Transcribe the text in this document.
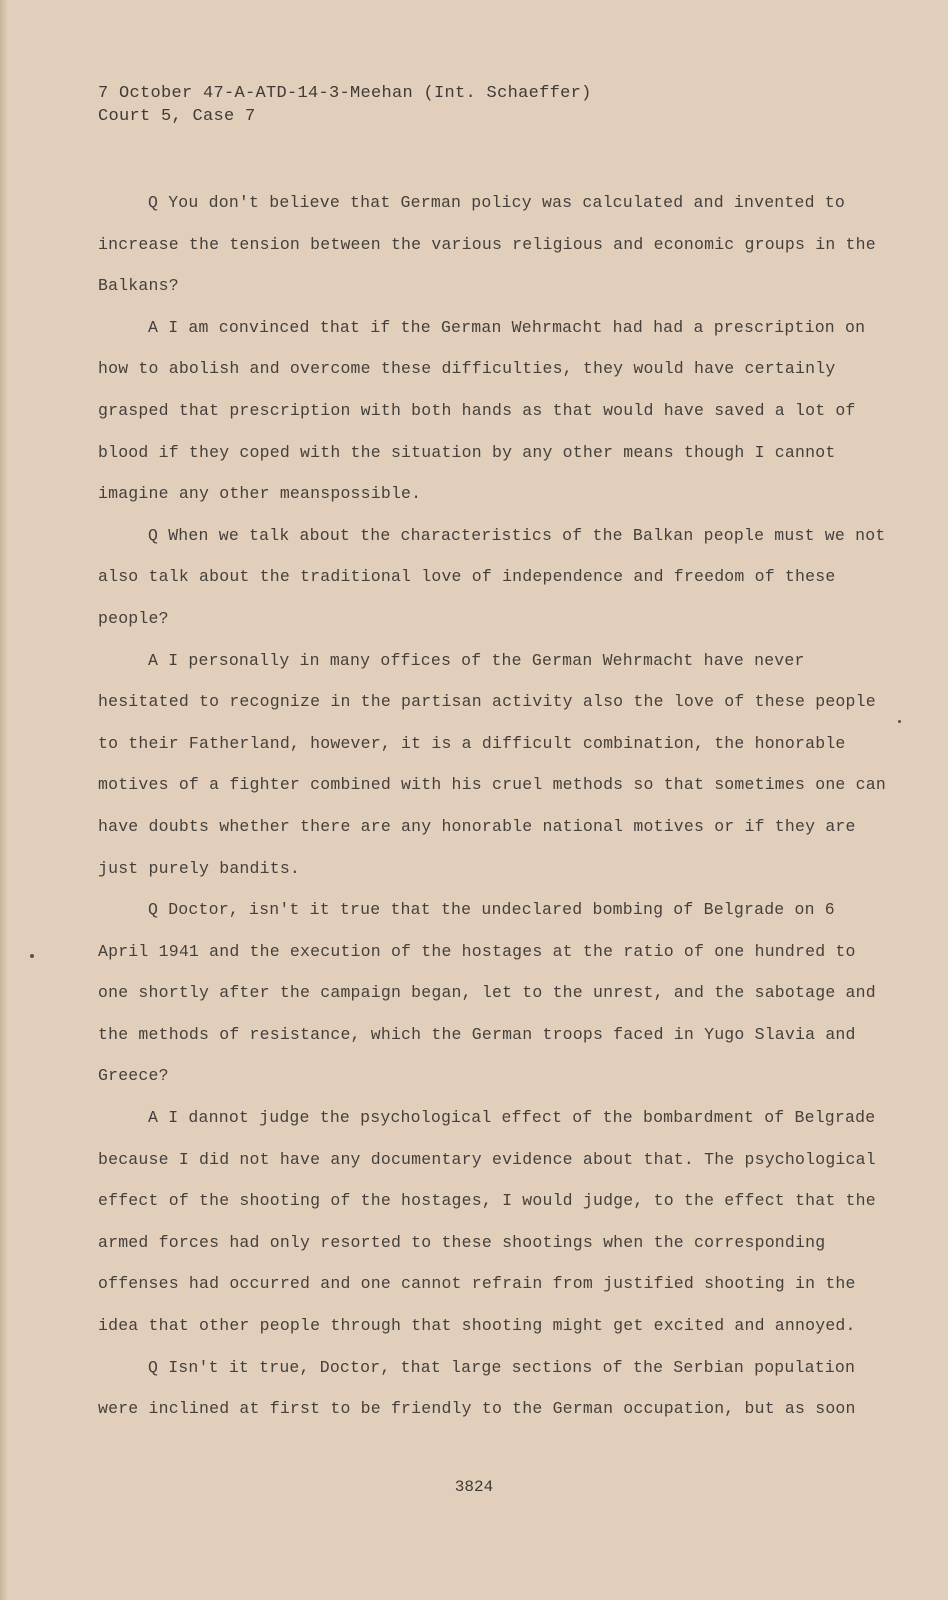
7 October 47-A-ATD-14-3-Meehan (Int. Schaeffer)
Court 5, Case 7

Q You don't believe that German policy was calculated and invented to increase the tension between the various religious and economic groups in the Balkans?

A I am convinced that if the German Wehrmacht had had a prescription on how to abolish and overcome these difficulties, they would have certainly grasped that prescription with both hands as that would have saved a lot of blood if they coped with the situation by any other means though I cannot imagine any other meanspossible.

Q When we talk about the characteristics of the Balkan people must we not also talk about the traditional love of independence and freedom of these people?

A I personally in many offices of the German Wehrmacht have never hesitated to recognize in the partisan activity also the love of these people to their Fatherland, however, it is a difficult combination, the honorable motives of a fighter combined with his cruel methods so that sometimes one can have doubts whether there are any honorable national motives or if they are just purely bandits.

Q Doctor, isn't it true that the undeclared bombing of Belgrade on 6 April 1941 and the execution of the hostages at the ratio of one hundred to one shortly after the campaign began, let to the unrest, and the sabotage and the methods of resistance, which the German troops faced in Yugo Slavia and Greece?

A I dannot judge the psychological effect of the bombardment of Belgrade because I did not have any documentary evidence about that. The psychological effect of the shooting of the hostages, I would judge, to the effect that the armed forces had only resorted to these shootings when the corresponding offenses had occurred and one cannot refrain from justified shooting in the idea that other people through that shooting might get excited and annoyed.

Q Isn't it true, Doctor, that large sections of the Serbian population were inclined at first to be friendly to the German occupation, but as soon

3824
